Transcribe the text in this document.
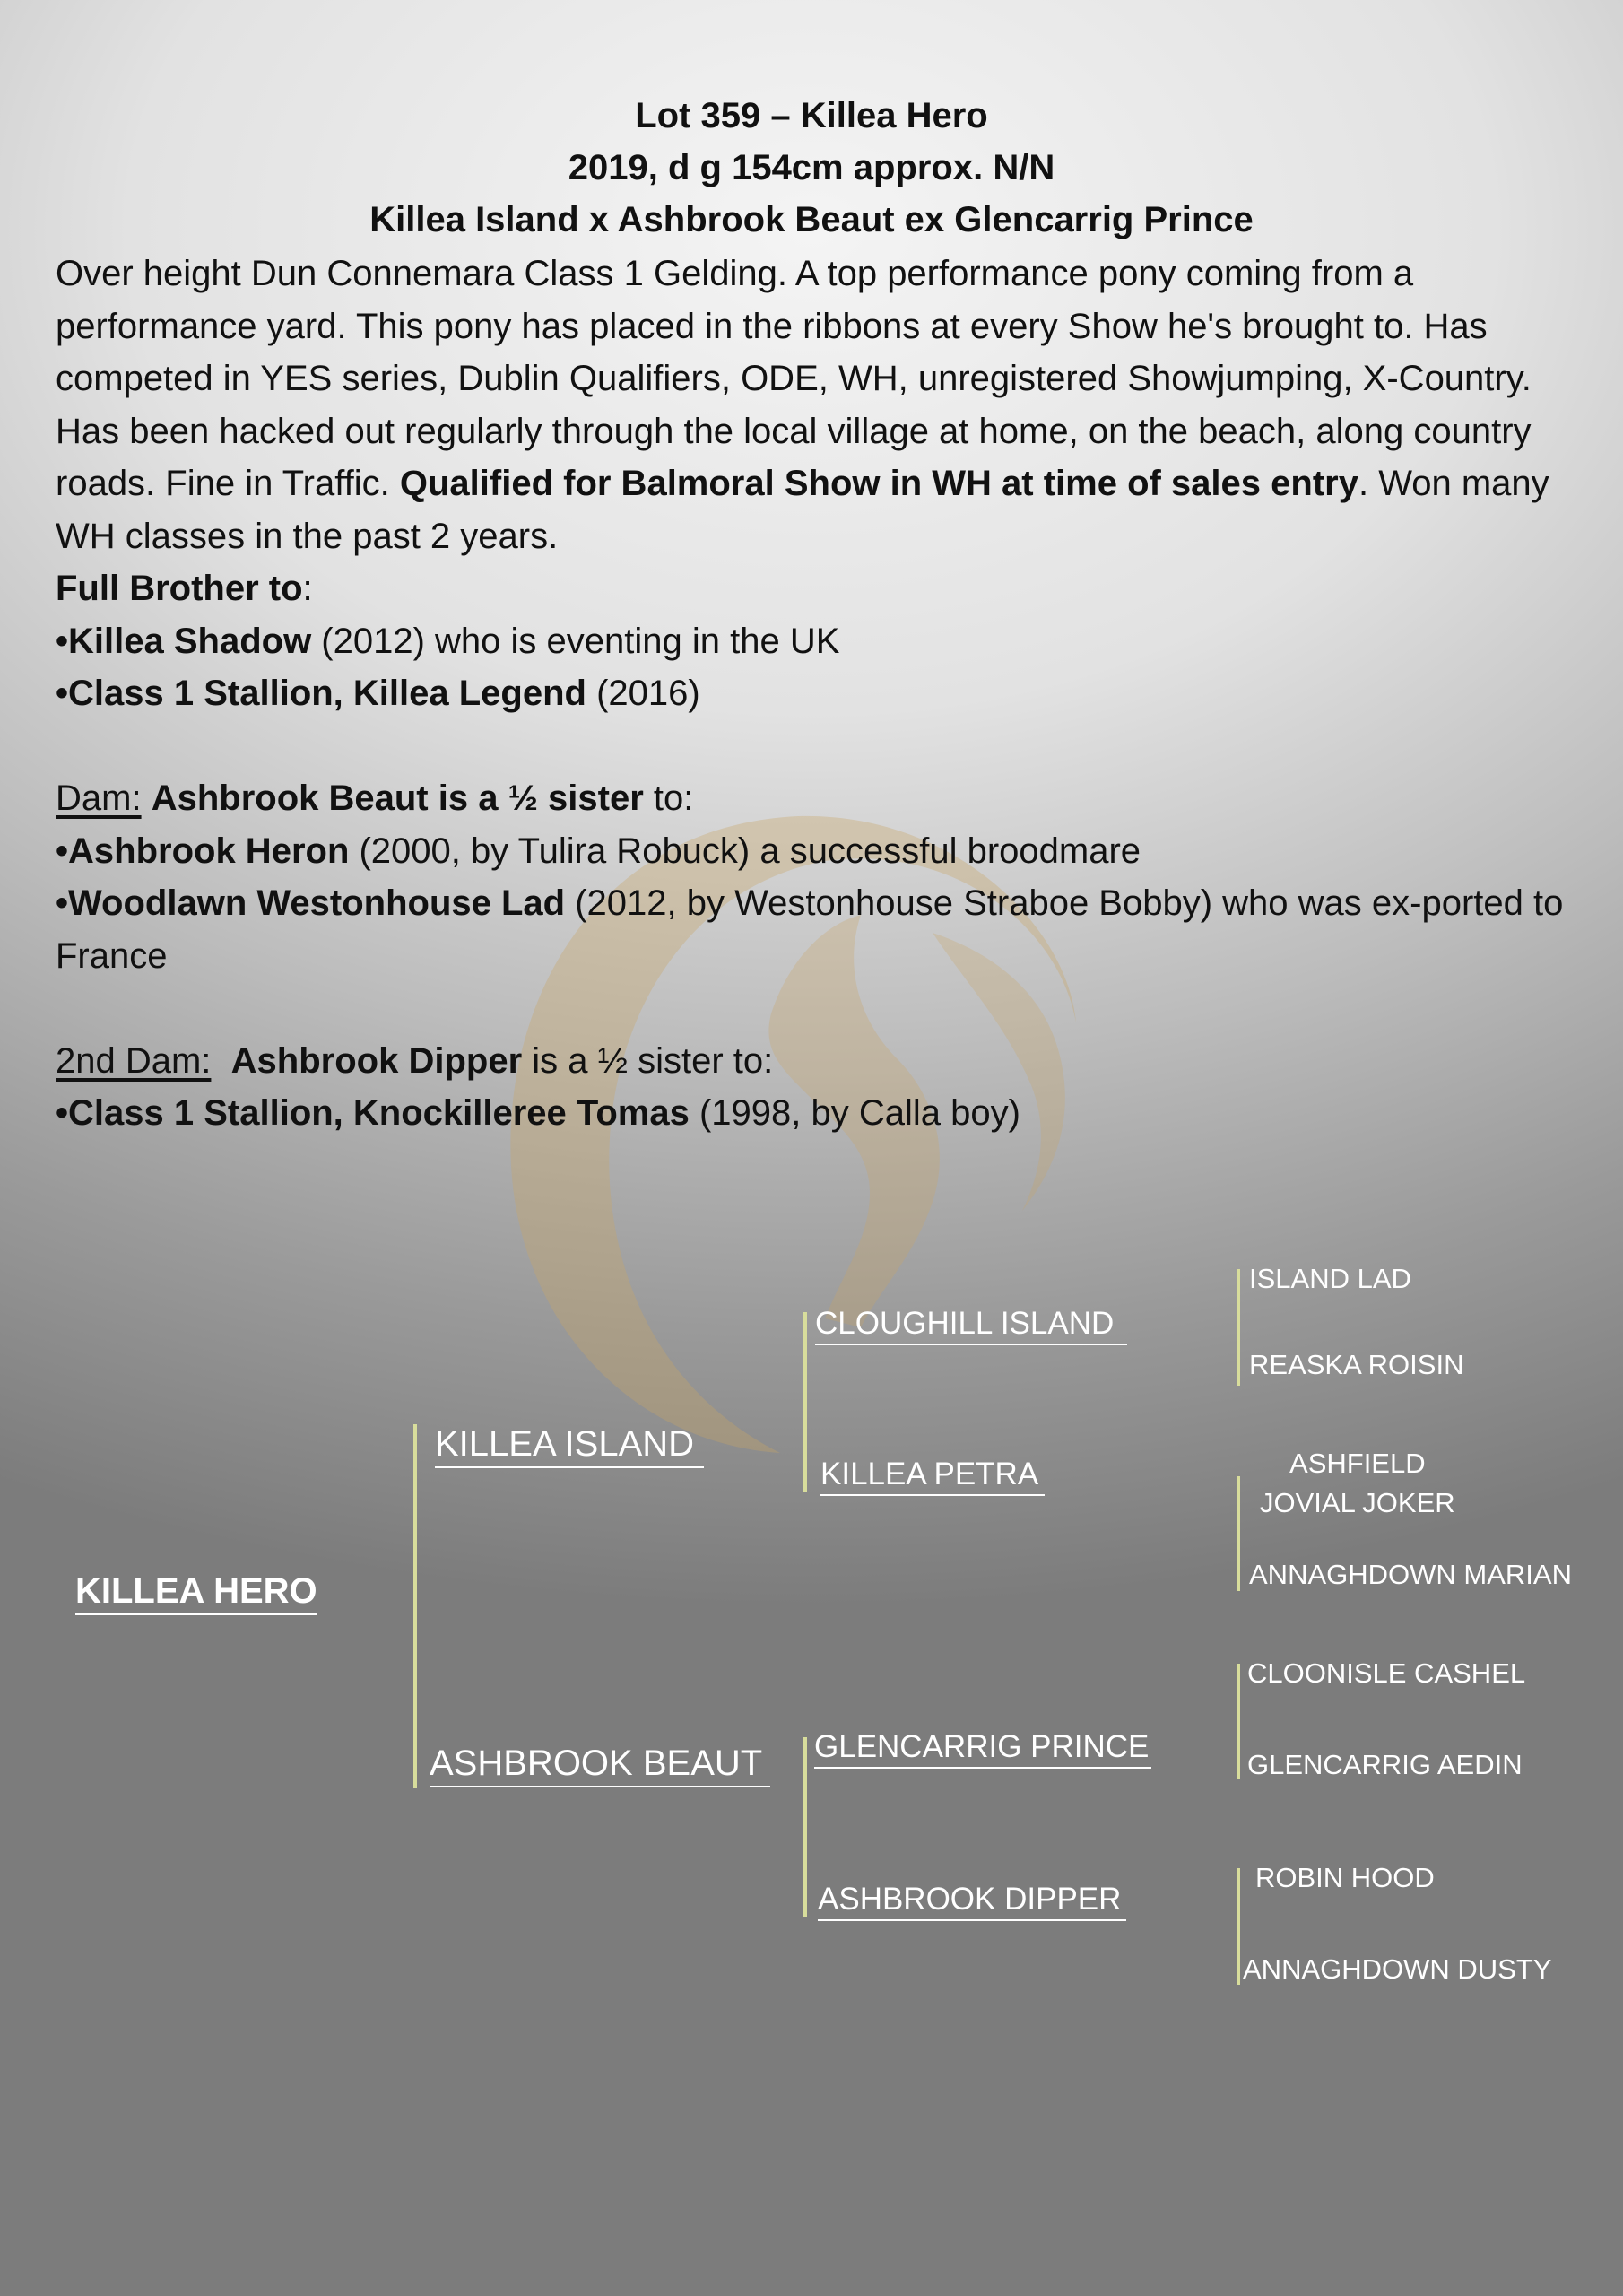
Lot 359 – Killea Hero
2019, d g 154cm approx. N/N
Killea Island x Ashbrook Beaut ex Glencarrig Prince

Over height Dun Connemara Class 1 Gelding. A top performance pony coming from a performance yard. This pony has placed in the ribbons at every Show he's brought to. Has competed in YES series, Dublin Qualifiers, ODE, WH, unregistered Showjumping, X-Country. Has been hacked out regularly through the local village at home, on the beach, along country roads. Fine in Traffic. Qualified for Balmoral Show in WH at time of sales entry. Won many WH classes in the past 2 years.

Full Brother to:

•Killea Shadow (2012) who is eventing in the UK

•Class 1 Stallion, Killea Legend (2016)

Dam: Ashbrook Beaut is a ½ sister to:

•Ashbrook Heron (2000, by Tulira Robuck) a successful broodmare

•Woodlawn Westonhouse Lad (2012, by Westonhouse Straboe Bobby) who was ex-ported to France

2nd Dam: Ashbrook Dipper is a ½ sister to:

•Class 1 Stallion, Knockilleree Tomas (1998, by Calla boy)

KILLEA HERO
KILLEA ISLAND
ASHBROOK BEAUT
CLOUGHILL ISLAND
KILLEA PETRA
GLENCARRIG PRINCE
ASHBROOK DIPPER
ISLAND LAD
REASKA ROISIN
ASHFIELD
JOVIAL JOKER
ANNAGHDOWN MARIAN
CLOONISLE CASHEL
GLENCARRIG AEDIN
ROBIN HOOD
ANNAGHDOWN DUSTY
